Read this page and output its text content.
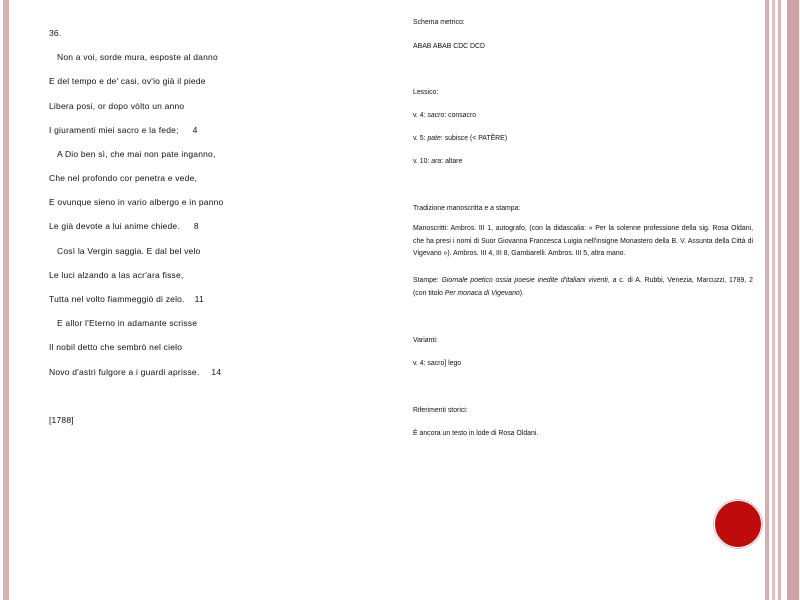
36.
Non a voi, sorde mura, esposte al danno
E del tempo e de' casi, ov'io già il piede
Libera posi, or dopo vòlto un anno
I giuramenti miei sacro e la fede; 4
A Dio ben sì, che mai non pate inganno,
Che nel profondo cor penetra e vede,
E ovunque sieno in vario albergo e in panno
Le già devote a lui anime chiede. 8
Così la Vergin saggia. E dal bel velo
Le luci alzando a las acr'ara fisse,
Tutta nel volto fiammeggiò di zelo. 11
E allor l'Eterno in adamante scrisse
Il nobil detto che sembrò nel cielo
Novo d'astri fulgore a i guardi aprisse. 14
[1788]
Schema metrico:
ABAB ABAB CDC DCD
Lessico:
v. 4: sacro: consacro
v. 5: pate: subisce (< PATĔRE)
v. 10: ara: altare
Tradizione manoscritta e a stampa:
Manoscritti: Ambros. III 1, autografo, (con la didascalia: « Per la solenne professione della sig. Rosa Oldani, che ha presi i nomi di Suor Giovanna Francesca Luigia nell'insigne Monastero della B. V. Assunta della Città di Vigevano »). Ambros. III 4, III 8, Gambarelli. Ambros. III 5, altra mano.
Stampe: Giornale poetico ossia poesie inedite d'italiani viventi, a c. di A. Rubbi, Venezia, Marcuzzi, 1789, 2 (con titolo Per monaca di Vigevano).
Varianti:
v. 4: sacro] lego
Riferimenti storici:
È ancora un testo in lode di Rosa Oldani.
